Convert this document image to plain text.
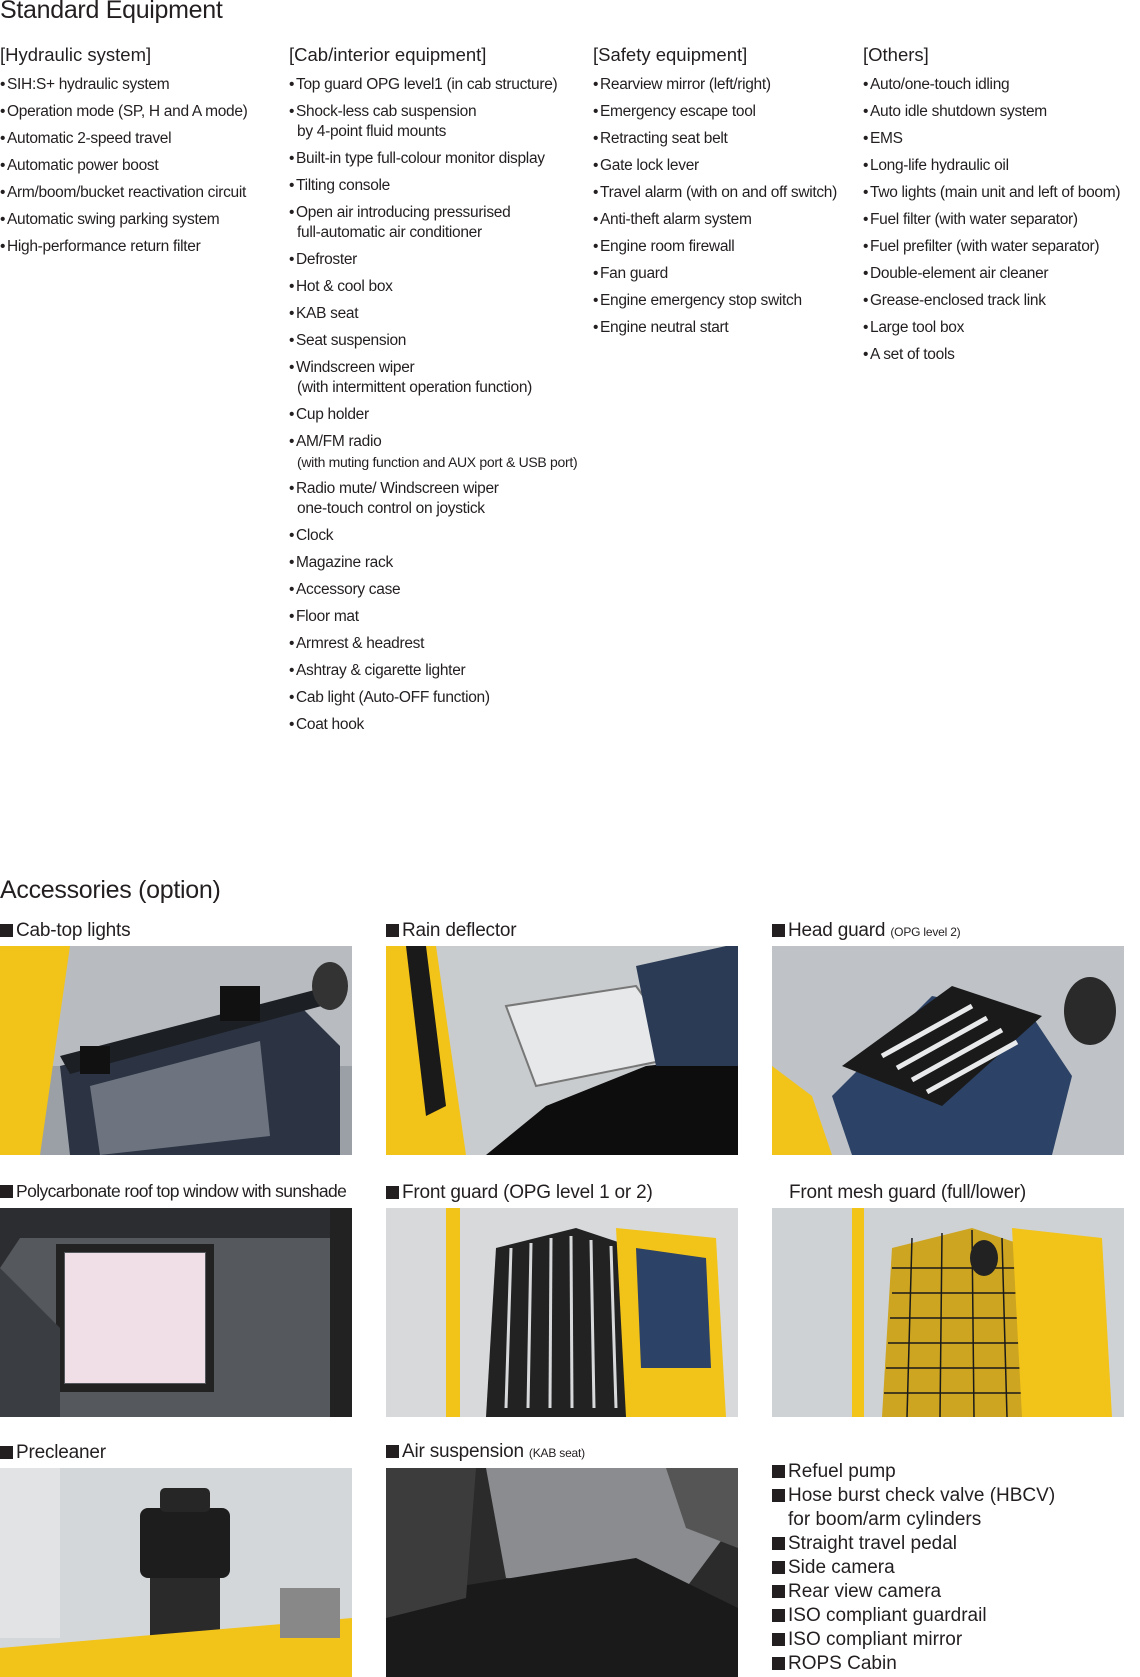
Standard Equipment
[Hydraulic system]
• SIH:S+ hydraulic system
• Operation mode (SP, H and A mode)
• Automatic 2-speed travel
• Automatic power boost
• Arm/boom/bucket reactivation circuit
• Automatic swing parking system
• High-performance return filter
[Cab/interior equipment]
• Top guard OPG level1 (in cab structure)
• Shock-less cab suspension
by 4-point fluid mounts
• Built-in type full-colour monitor display
• Tilting console
• Open air introducing pressurised
full-automatic air conditioner
• Defroster
• Hot & cool box
• KAB seat
• Seat suspension
• Windscreen wiper
(with intermittent operation function)
• Cup holder
• AM/FM radio
(with muting function and AUX port & USB port)
• Radio mute/ Windscreen wiper
one-touch control on joystick
• Clock
• Magazine rack
• Accessory case
• Floor mat
• Armrest & headrest
• Ashtray & cigarette lighter
• Cab light (Auto-OFF function)
• Coat hook
[Safety equipment]
• Rearview mirror (left/right)
• Emergency escape tool
• Retracting seat belt
• Gate lock lever
• Travel alarm (with on and off switch)
• Anti-theft alarm system
• Engine room firewall
• Fan guard
• Engine emergency stop switch
• Engine neutral start
[Others]
• Auto/one-touch idling
• Auto idle shutdown system
• EMS
• Long-life hydraulic oil
• Two lights (main unit and left of boom)
• Fuel filter (with water separator)
• Fuel prefilter (with water separator)
• Double-element air cleaner
• Grease-enclosed track link
• Large tool box
• A set of tools
Accessories (option)
Cab-top lights	Rain deflector	Head guard (OPG level 2)
Polycarbonate roof top window with sunshade	Front guard (OPG level 1 or 2)	Front mesh guard (full/lower)
Precleaner	Air suspension (KAB seat)
Refuel pump
Hose burst check valve (HBCV)
for boom/arm cylinders
Straight travel pedal
Side camera
Rear view camera
ISO compliant guardrail
ISO compliant mirror
ROPS Cabin
